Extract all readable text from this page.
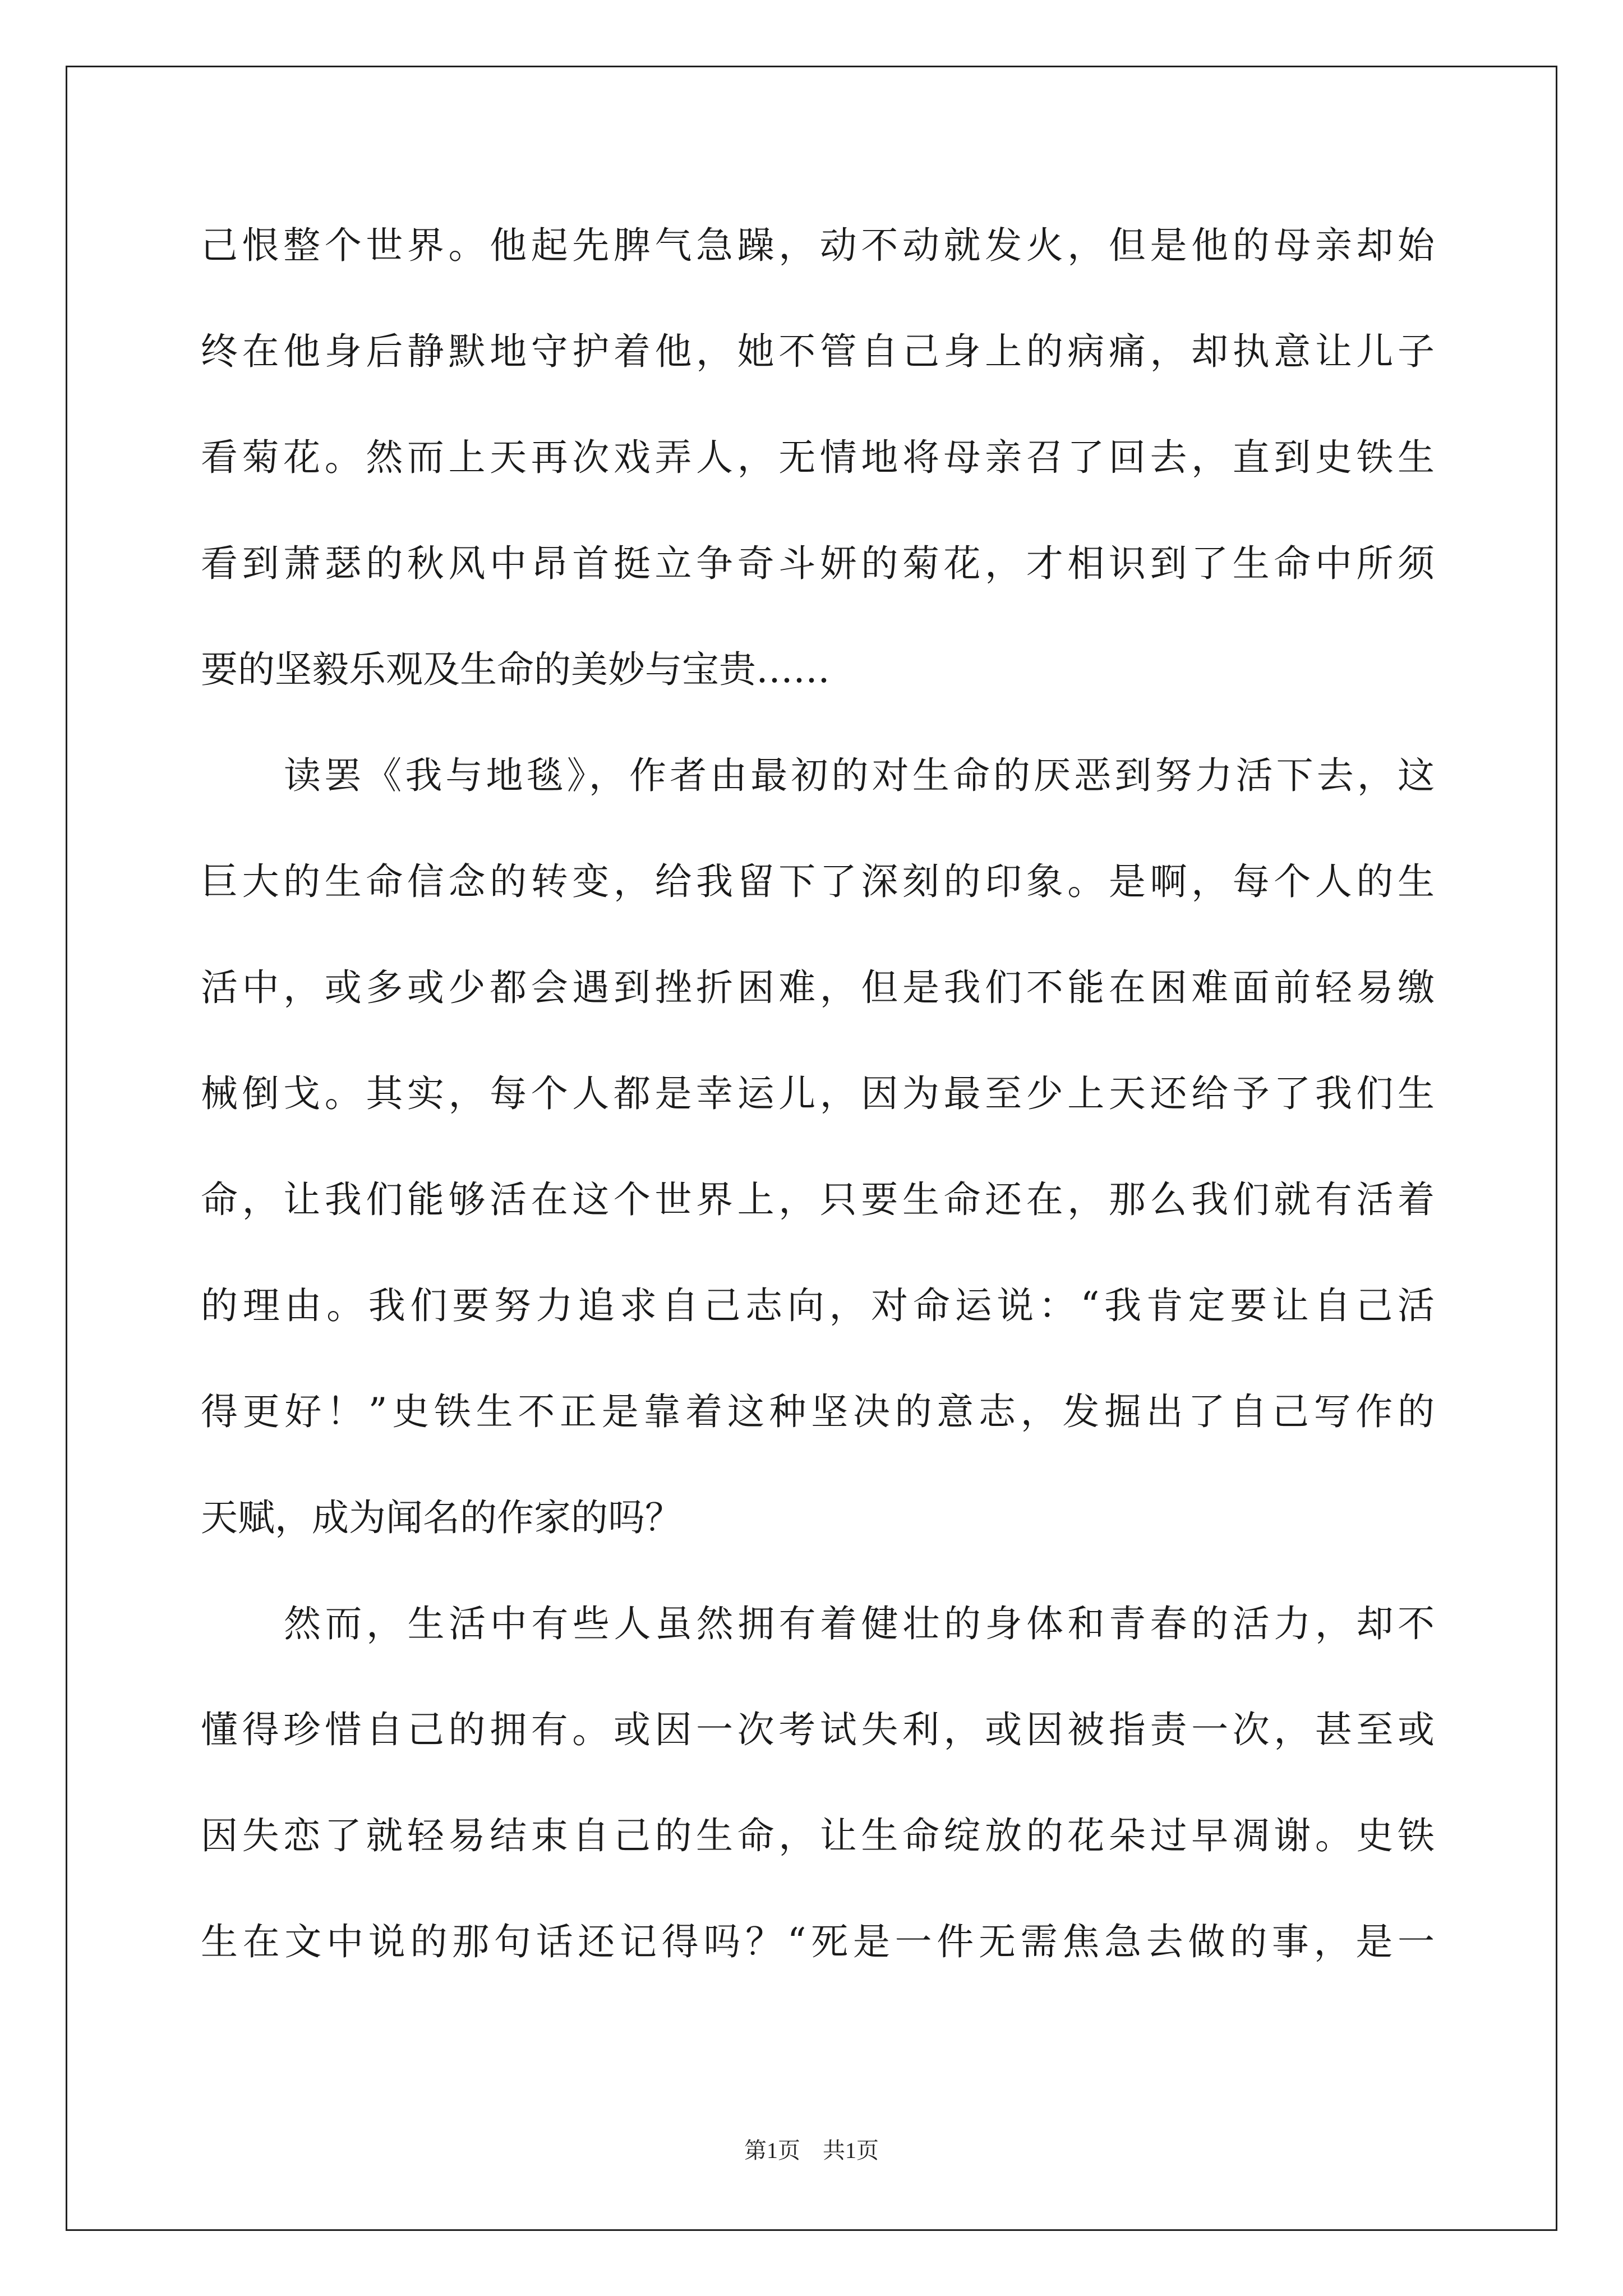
己恨整个世界。他起先脾气急躁，动不动就发火，但是他的母亲却始
终在他身后静默地守护着他，她不管自己身上的病痛，却执意让儿子
看菊花。然而上天再次戏弄人，无情地将母亲召了回去，直到史铁生
看到萧瑟的秋风中昂首挺立争奇斗妍的菊花，才相识到了生命中所须
要的坚毅乐观及生命的美妙与宝贵……
读罢《我与地毯》，作者由最初的对生命的厌恶到努力活下去，这
巨大的生命信念的转变，给我留下了深刻的印象。是啊，每个人的生
活中，或多或少都会遇到挫折困难，但是我们不能在困难面前轻易缴
械倒戈。其实，每个人都是幸运儿，因为最至少上天还给予了我们生
命，让我们能够活在这个世界上，只要生命还在，那么我们就有活着
的理由。我们要努力追求自己志向，对命运说：“我肯定要让自己活
得更好！”史铁生不正是靠着这种坚决的意志，发掘出了自己写作的
天赋，成为闻名的作家的吗？
然而，生活中有些人虽然拥有着健壮的身体和青春的活力，却不
懂得珍惜自己的拥有。或因一次考试失利，或因被指责一次，甚至或
因失恋了就轻易结束自己的生命，让生命绽放的花朵过早凋谢。史铁
生在文中说的那句话还记得吗？“死是一件无需焦急去做的事，是一
第1页　共1页
